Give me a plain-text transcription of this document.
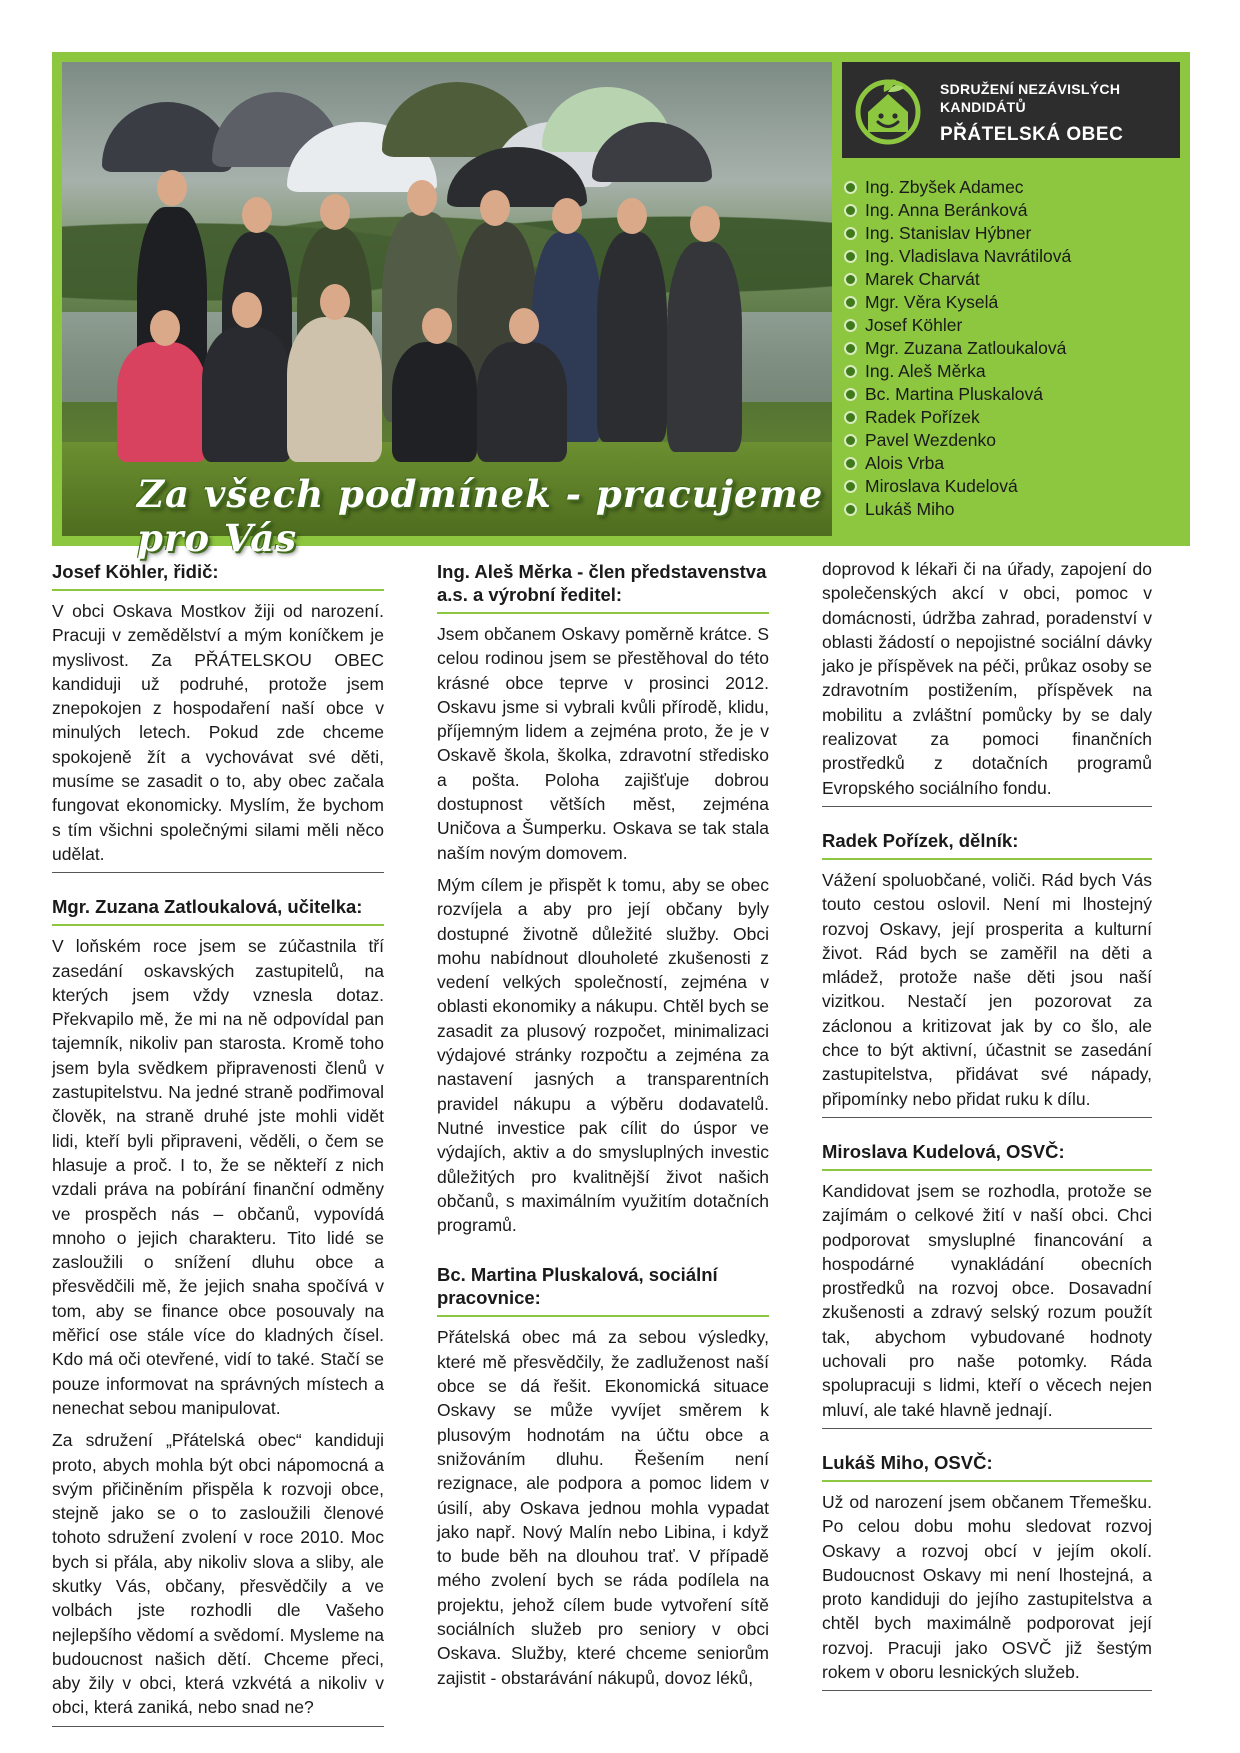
Za všech podmínek - pracujeme pro Vás
SDRUŽENÍ NEZÁVISLÝCH
KANDIDÁTŮ
PŘÁTELSKÁ OBEC
Ing. Zbyšek Adamec
Ing. Anna Beránková
Ing. Stanislav Hýbner
Ing. Vladislava Navrátilová
Marek Charvát
Mgr. Věra Kyselá
Josef Köhler
Mgr. Zuzana Zatloukalová
Ing. Aleš Měrka
Bc. Martina Pluskalová
Radek Pořízek
Pavel Wezdenko
Alois Vrba
Miroslava Kudelová
Lukáš Miho
Josef Köhler, řidič:

V obci Oskava Mostkov žiji od narození. Pracuji v zemědělství a mým koníčkem je myslivost. Za PŘÁTELSKOU OBEC kandiduji už podruhé, protože jsem znepokojen z hospodaření naší obce v minulých letech. Pokud zde chceme spokojeně žít a vychovávat své děti, musíme se zasadit o to, aby obec začala fungovat ekonomicky. Myslím, že bychom s tím všichni společnými silami měli něco udělat.

Mgr. Zuzana Zatloukalová, učitelka:

V loňském roce jsem se zúčastnila tří zasedání oskavských zastupitelů, na kterých jsem vždy vznesla dotaz. Překvapilo mě, že mi na ně odpovídal pan tajemník, nikoliv pan starosta. Kromě toho jsem byla svědkem připravenosti členů v zastupitelstvu. Na jedné straně podřimoval člověk, na straně druhé jste mohli vidět lidi, kteří byli připraveni, věděli, o čem se hlasuje a proč. I to, že se někteří z nich vzdali práva na pobírání finanční odměny ve prospěch nás – občanů, vypovídá mnoho o jejich charakteru. Tito lidé se zasloužili o snížení dluhu obce a přesvědčili mě, že jejich snaha spočívá v tom, aby se finance obce posouvaly na měřicí ose stále více do kladných čísel. Kdo má oči otevřené, vidí to také. Stačí se pouze informovat na správných místech a nenechat sebou manipulovat.

Za sdružení „Přátelská obec“ kandiduji proto, abych mohla být obci nápomocná a svým přičiněním přispěla k rozvoji obce, stejně jako se o to zasloužili členové tohoto sdružení zvolení v roce 2010. Moc bych si přála, aby nikoliv slova a sliby, ale skutky Vás, občany, přesvědčily a ve volbách jste rozhodli dle Vašeho nejlepšího vědomí a svědomí. Mysleme na budoucnost našich dětí. Chceme přeci, aby žily v obci, která vzkvétá a nikoliv v obci, která zaniká, nebo snad ne?

Ing. Aleš Měrka - člen představenstva a.s. a výrobní ředitel:

Jsem občanem Oskavy poměrně krátce. S celou rodinou jsem se přestěhoval do této krásné obce teprve v prosinci 2012. Oskavu jsme si vybrali kvůli přírodě, klidu, příjemným lidem a zejména proto, že je v Oskavě škola, školka, zdravotní středisko a pošta. Poloha zajišťuje dobrou dostupnost větších měst, zejména Uničova a Šumperku. Oskava se tak stala naším novým domovem.

Mým cílem je přispět k tomu, aby se obec rozvíjela a aby pro její občany byly dostupné životně důležité služby. Obci mohu nabídnout dlouholeté zkušenosti z vedení velkých společností, zejména v oblasti ekonomiky a nákupu. Chtěl bych se zasadit za plusový rozpočet, minimalizaci výdajové stránky rozpočtu a zejména za nastavení jasných a transparentních pravidel nákupu a výběru dodavatelů. Nutné investice pak cílit do úspor ve výdajích, aktiv a do smysluplných investic důležitých pro kvalitnější život našich občanů, s maximálním využitím dotačních programů.

Bc. Martina Pluskalová, sociální pracovnice:

Přátelská obec má za sebou výsledky, které mě přesvědčily, že zadluženost naší obce se dá řešit. Ekonomická situace Oskavy se může vyvíjet směrem k plusovým hodnotám na účtu obce a snižováním dluhu. Řešením není rezignace, ale podpora a pomoc lidem v úsilí, aby Oskava jednou mohla vypadat jako např. Nový Malín nebo Libina, i když to bude běh na dlouhou trať. V případě mého zvolení bych se ráda podílela na projektu, jehož cílem bude vytvoření sítě sociálních služeb pro seniory v obci Oskava. Služby, které chceme seniorům zajistit - obstarávání nákupů, dovoz léků,

doprovod k lékaři či na úřady, zapojení do společenských akcí v obci, pomoc v domácnosti, údržba zahrad, poradenství v oblasti žádostí o nepojistné sociální dávky jako je příspěvek na péči, průkaz osoby se zdravotním postižením, příspěvek na mobilitu a zvláštní pomůcky by se daly realizovat za pomoci finančních prostředků z dotačních programů Evropského sociálního fondu.

Radek Pořízek, dělník:

Vážení spoluobčané, voliči. Rád bych Vás touto cestou oslovil. Není mi lhostejný rozvoj Oskavy, její prosperita a kulturní život. Rád bych se zaměřil na děti a mládež, protože naše děti jsou naší vizitkou. Nestačí jen pozorovat za záclonou a kritizovat jak by co šlo, ale chce to být aktivní, účastnit se zasedání zastupitelstva, přidávat své nápady, připomínky nebo přidat ruku k dílu.

Miroslava Kudelová, OSVČ:

Kandidovat jsem se rozhodla, protože se zajímám o celkové žití v naší obci. Chci podporovat smysluplné financování a hospodárné vynakládání obecních prostředků na rozvoj obce. Dosavadní zkušenosti a zdravý selský rozum použít tak, abychom vybudované hodnoty uchovali pro naše potomky. Ráda spolupracuji s lidmi, kteří o věcech nejen mluví, ale také hlavně jednají.

Lukáš Miho, OSVČ:

Už od narození jsem občanem Třemešku. Po celou dobu mohu sledovat rozvoj Oskavy a rozvoj obcí v jejím okolí. Budoucnost Oskavy mi není lhostejná, a proto kandiduji do jejího zastupitelstva a chtěl bych maximálně podporovat její rozvoj. Pracuji jako OSVČ již šestým rokem v oboru lesnických služeb.
